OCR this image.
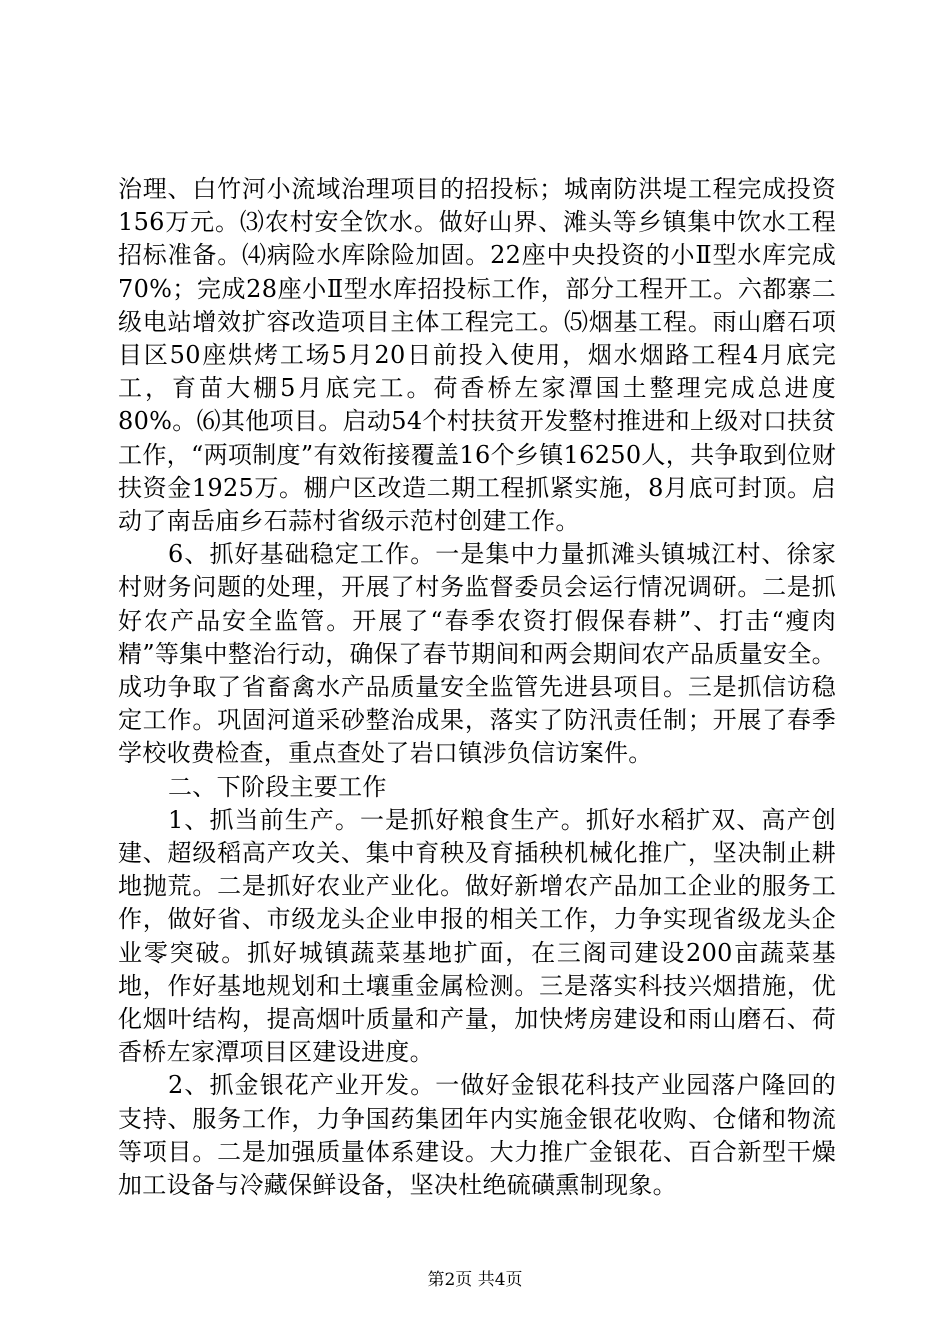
治理、白竹河小流域治理项目的招投标；城南防洪堤工程完成投资156万元。⑶农村安全饮水。做好山界、滩头等乡镇集中饮水工程招标准备。⑷病险水库除险加固。22座中央投资的小Ⅱ型水库完成70%；完成28座小Ⅱ型水库招投标工作，部分工程开工。六都寨二级电站增效扩容改造项目主体工程完工。⑸烟基工程。雨山磨石项目区50座烘烤工场5月20日前投入使用，烟水烟路工程4月底完工，育苗大棚5月底完工。荷香桥左家潭国土整理完成总进度80%。⑹其他项目。启动54个村扶贫开发整村推进和上级对口扶贫工作，“两项制度”有效衔接覆盖16个乡镇16250人，共争取到位财扶资金1925万。棚户区改造二期工程抓紧实施，8月底可封顶。启动了南岳庙乡石蒜村省级示范村创建工作。

6、抓好基础稳定工作。一是集中力量抓滩头镇城江村、徐家村财务问题的处理，开展了村务监督委员会运行情况调研。二是抓好农产品安全监管。开展了“春季农资打假保春耕”、打击“瘦肉精”等集中整治行动，确保了春节期间和两会期间农产品质量安全。成功争取了省畜禽水产品质量安全监管先进县项目。三是抓信访稳定工作。巩固河道采砂整治成果，落实了防汛责任制；开展了春季学校收费检查，重点查处了岩口镇涉负信访案件。

二、下阶段主要工作

1、抓当前生产。一是抓好粮食生产。抓好水稻扩双、高产创建、超级稻高产攻关、集中育秧及育插秧机械化推广，坚决制止耕地抛荒。二是抓好农业产业化。做好新增农产品加工企业的服务工作，做好省、市级龙头企业申报的相关工作，力争实现省级龙头企业零突破。抓好城镇蔬菜基地扩面，在三阁司建设200亩蔬菜基地，作好基地规划和土壤重金属检测。三是落实科技兴烟措施，优化烟叶结构，提高烟叶质量和产量，加快烤房建设和雨山磨石、荷香桥左家潭项目区建设进度。

2、抓金银花产业开发。一做好金银花科技产业园落户隆回的支持、服务工作，力争国药集团年内实施金银花收购、仓储和物流等项目。二是加强质量体系建设。大力推广金银花、百合新型干燥加工设备与冷藏保鲜设备，坚决杜绝硫磺熏制现象。

第2页 共4页
